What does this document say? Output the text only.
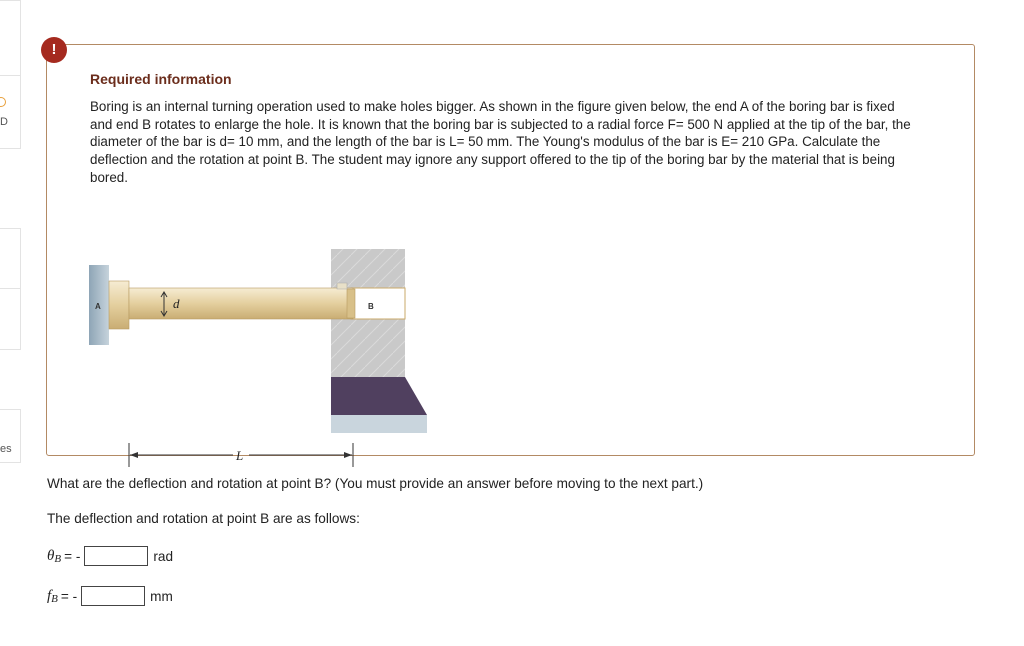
D
es
!
Required information
Boring is an internal turning operation used to make holes bigger. As shown in the figure given below, the end A of the boring bar is fixed and end B rotates to enlarge the hole. It is known that the boring bar is subjected to a radial force F= 500 N applied at the tip of the bar, the diameter of the bar is d= 10 mm, and the length of the bar is L= 50 mm. The Young's modulus of the bar is E= 210 GPa. Calculate the deflection and the rotation at point B. The student may ignore any support offered to the tip of the boring bar by the material that is being bored.
d
A	B
L
What are the deflection and rotation at point B? (You must provide an answer before moving to the next part.)
The deflection and rotation at point B are as follows:
$\theta_B$ = -	rad
$f_B$ = -	mm
